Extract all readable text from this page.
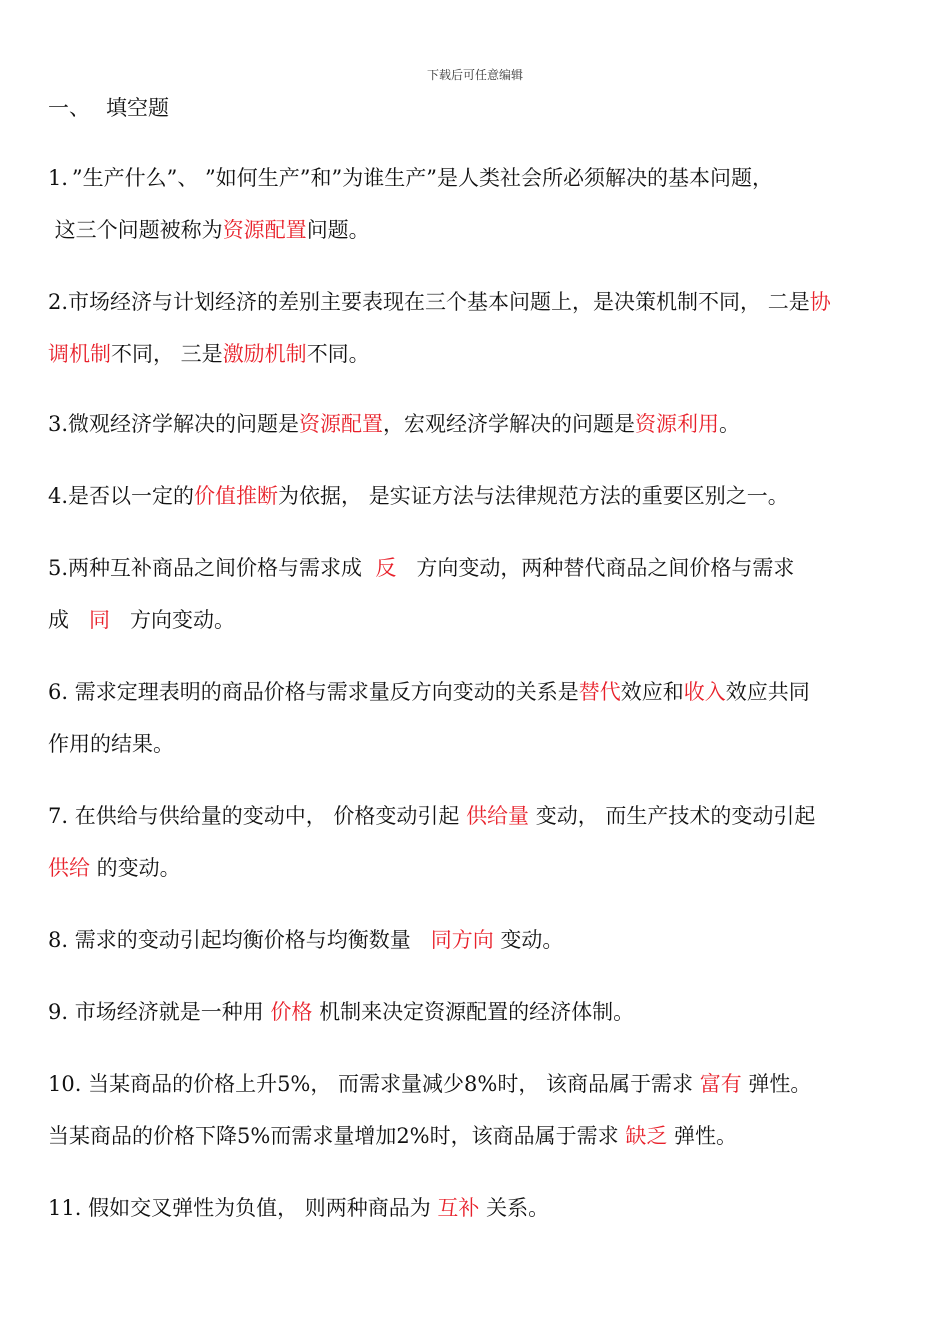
下载后可任意编辑
一、 填空题
1．”生产什么”、 ”如何生产”和”为谁生产”是人类社会所必须解决的基本问题，
这三个问题被称为资源配置问题。
2.市场经济与计划经济的差别主要表现在三个基本问题上，是决策机制不同， 二是协
调机制不同， 三是激励机制不同。
3.微观经济学解决的问题是资源配置，宏观经济学解决的问题是资源利用。
4.是否以一定的价值推断为依据， 是实证方法与法律规范方法的重要区别之一。
5.两种互补商品之间价格与需求成  反   方向变动，两种替代商品之间价格与需求
成   同   方向变动。
6. 需求定理表明的商品价格与需求量反方向变动的关系是替代效应和收入效应共同
作用的结果。
7. 在供给与供给量的变动中， 价格变动引起 供给量 变动， 而生产技术的变动引起
供给 的变动。
8. 需求的变动引起均衡价格与均衡数量   同方向 变动。
9. 市场经济就是一种用 价格 机制来决定资源配置的经济体制。
10. 当某商品的价格上升5%， 而需求量减少8%时， 该商品属于需求 富有 弹性。
当某商品的价格下降5%而需求量增加2%时，该商品属于需求 缺乏 弹性。
11. 假如交叉弹性为负值， 则两种商品为 互补 关系。
